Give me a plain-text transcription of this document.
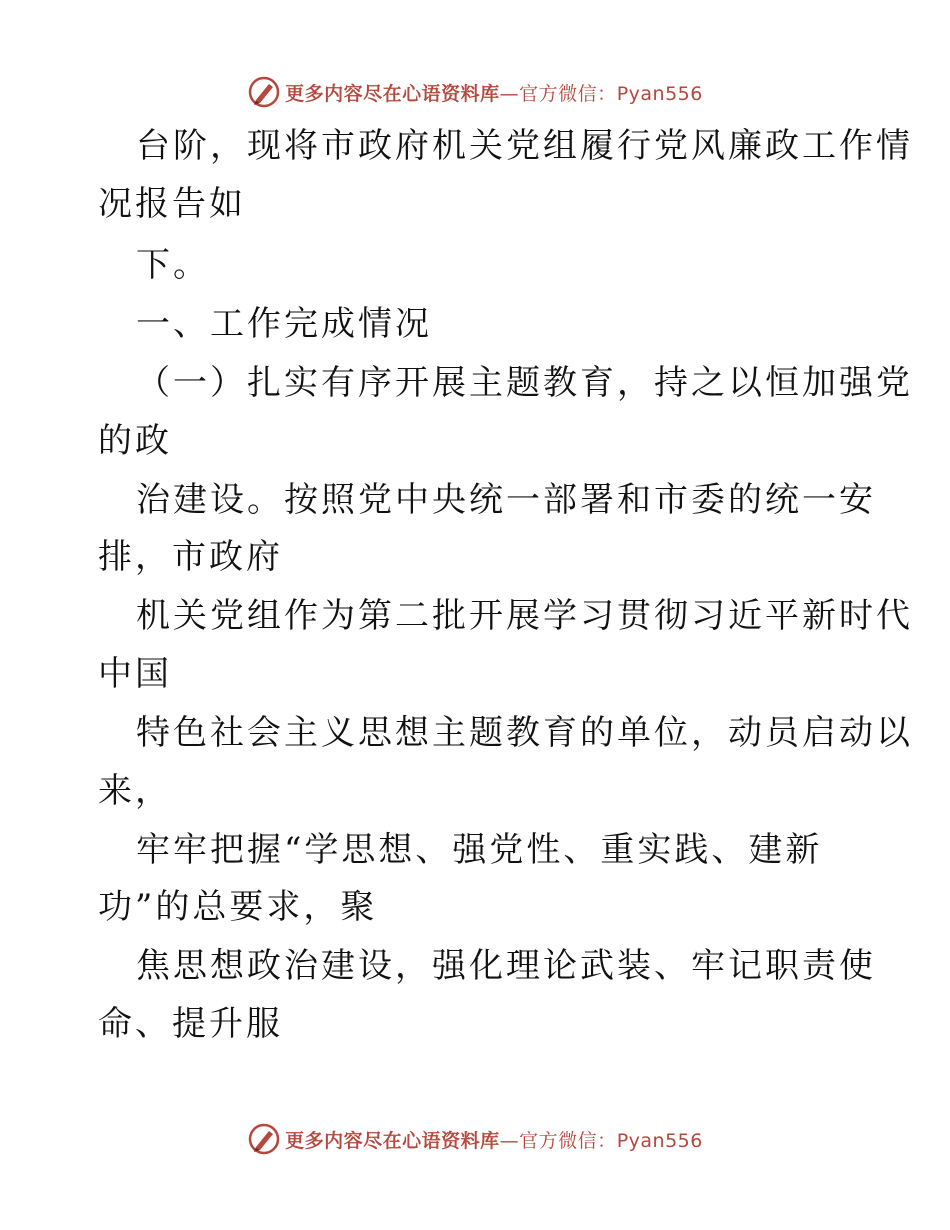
更多内容尽在心语资料库—官方微信：Pyan556
台阶，现将市政府机关党组履行党风廉政工作情
况报告如
下。
一、工作完成情况
（一）扎实有序开展主题教育，持之以恒加强党
的政
治建设。按照党中央统一部署和市委的统一安
排，市政府
机关党组作为第二批开展学习贯彻习近平新时代
中国
特色社会主义思想主题教育的单位，动员启动以
来，
牢牢把握“学思想、强党性、重实践、建新
功”的总要求，聚
焦思想政治建设，强化理论武装、牢记职责使
命、提升服
更多内容尽在心语资料库—官方微信：Pyan556
